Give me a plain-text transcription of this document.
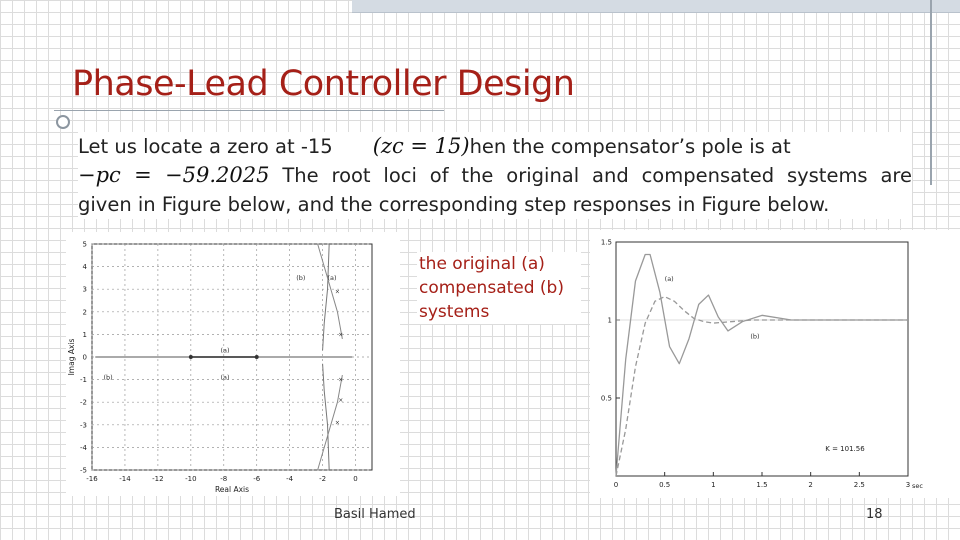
Phase-Lead Controller Design

Let us locate a zero at -15 (zc = 15)hen the compensator’s pole is at

−pc = −59.2025 The root loci of the original and compensated systems are

given in Figure below, and the corresponding step responses in Figure below.

-16	-14	-12	-10	-8	-6	-4	-2	0
5
4
3
2
1
0
-1
-2
-3
-4
-5
Real Axis
Imag Axis
×
×
×
×
×
(a)
(b)	(a)
(b)	(a)
the original (a)
compensated (b)
systems
0	0.5	1	1.5	2	2.5	3 sec
1.5
1
0.5
(a)
(b)
K = 101.56
Basil Hamed	18
